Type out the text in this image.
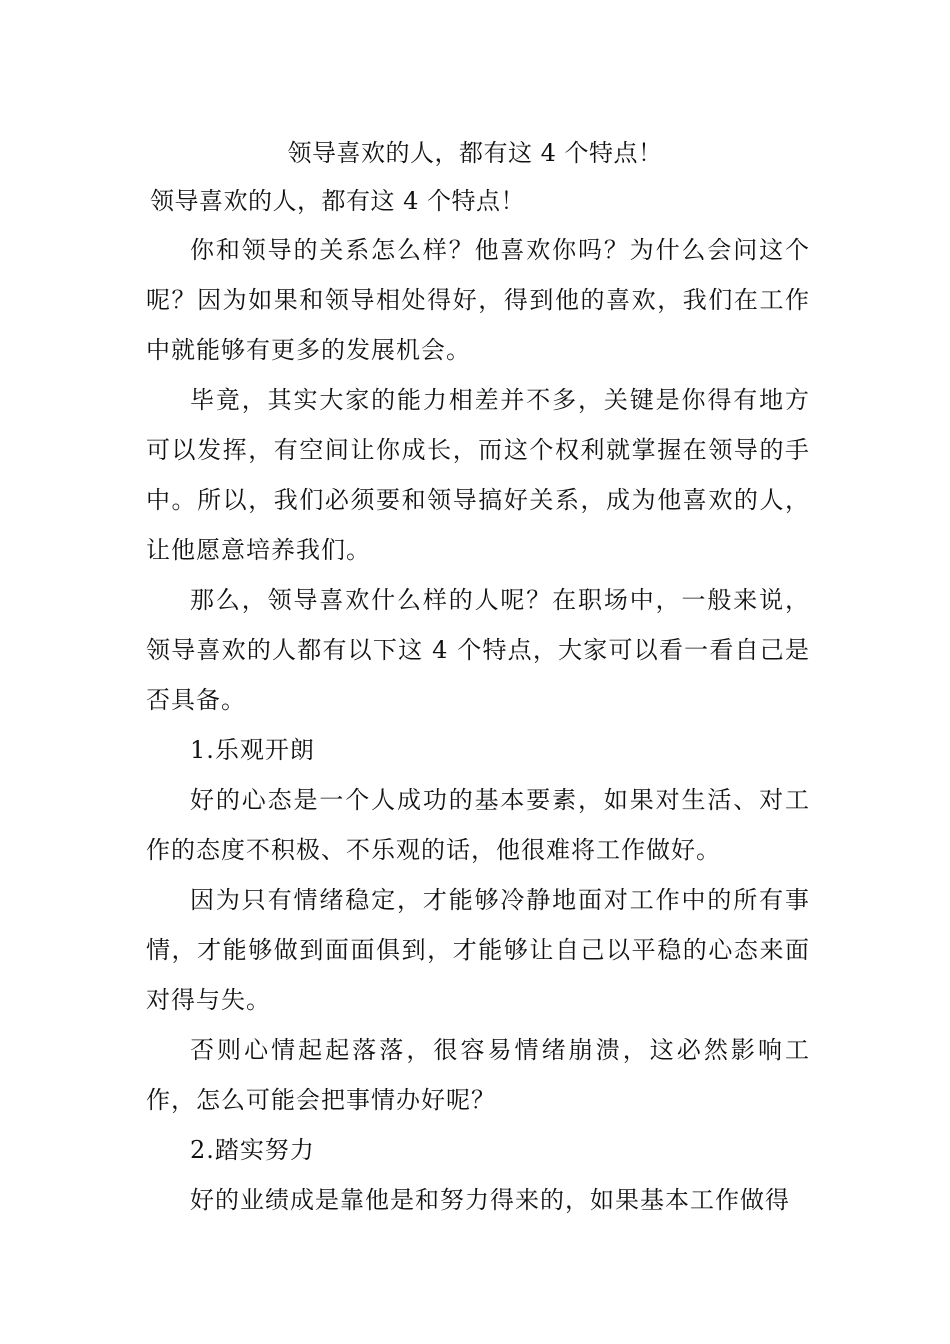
领导喜欢的人，都有这 4 个特点！
领导喜欢的人，都有这 4 个特点！

你和领导的关系怎么样？他喜欢你吗？为什么会问这个呢？因为如果和领导相处得好，得到他的喜欢，我们在工作中就能够有更多的发展机会。

毕竟，其实大家的能力相差并不多，关键是你得有地方可以发挥，有空间让你成长，而这个权利就掌握在领导的手中。所以，我们必须要和领导搞好关系，成为他喜欢的人，让他愿意培养我们。

那么，领导喜欢什么样的人呢？在职场中，一般来说，领导喜欢的人都有以下这 4 个特点，大家可以看一看自己是否具备。

1.乐观开朗

好的心态是一个人成功的基本要素，如果对生活、对工作的态度不积极、不乐观的话，他很难将工作做好。

因为只有情绪稳定，才能够冷静地面对工作中的所有事情，才能够做到面面俱到，才能够让自己以平稳的心态来面对得与失。

否则心情起起落落，很容易情绪崩溃，这必然影响工作，怎么可能会把事情办好呢？

2.踏实努力

好的业绩成是靠他是和努力得来的，如果基本工作做得
